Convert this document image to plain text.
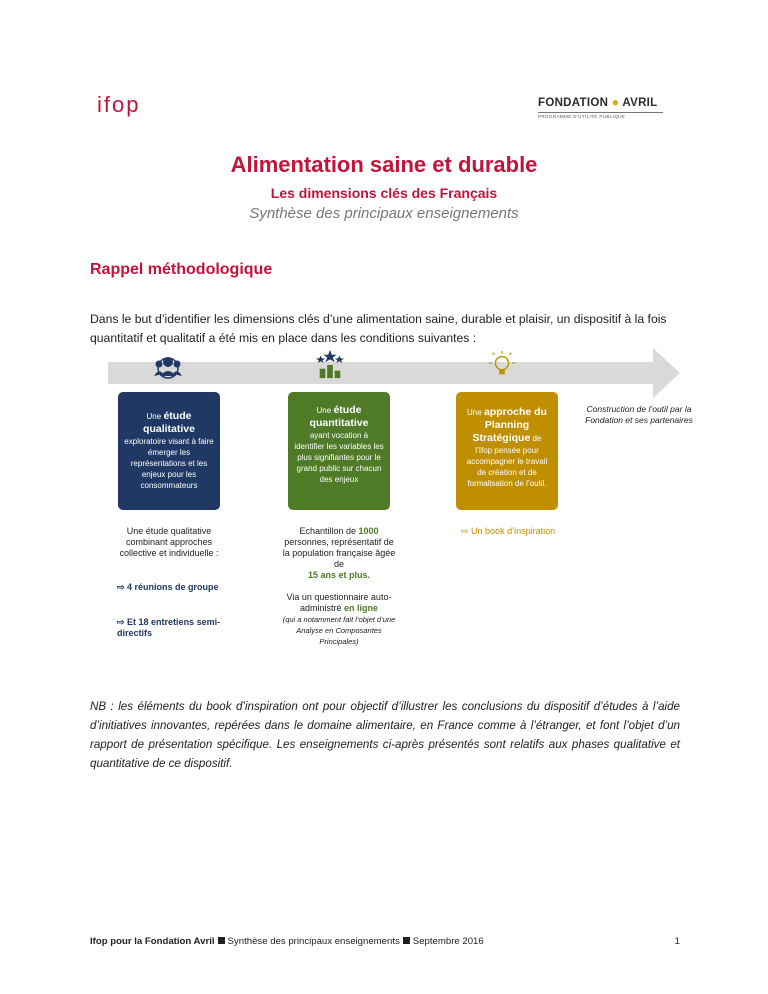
ifop	FONDATION ● AVRIL
PROGRAMME D'UTILITÉ PUBLIQUE
Alimentation saine et durable
Les dimensions clés des Français
Synthèse des principaux enseignements
Rappel méthodologique
Dans le but d’identifier les dimensions clés d’une alimentation saine, durable et plaisir, un dispositif à la fois quantitatif et qualitatif a été mis en place dans les conditions suivantes :
Une étude qualitative
exploratoire visant à faire émerger les représentations et les enjeux pour les consommateurs
Une étude quantitative
ayant vocation à identifier les variables les plus signifiantes pour le grand public sur chacun des enjeux
Une approche du Planning Stratégique de
l’Ifop pensée pour accompagner le travail de création et de formalisation de l’outil.
Construction de l’outil par la Fondation et ses partenaires
Une étude qualitative combinant approches collective et individuelle :
⇨ 4 réunions de groupe
⇨ Et 18 entretiens semi-directifs
Echantillon de 1000
personnes, représentatif de la population française âgée de
15 ans et plus.

Via un questionnaire auto-administré en ligne
(qui a notamment fait l’objet d’une Analyse en Composantes Principales)
⇨ Un book d’inspiration
NB : les éléments du book d’inspiration ont pour objectif d’illustrer les conclusions du dispositif d’études à l’aide d’initiatives innovantes, repérées dans le domaine alimentaire, en France comme à l’étranger, et font l’objet d’un rapport de présentation spécifique. Les enseignements ci-après présentés sont relatifs aux phases qualitative et quantitative de ce dispositif.
Ifop pour la Fondation Avril Synthèse des principaux enseignements Septembre 2016	1
